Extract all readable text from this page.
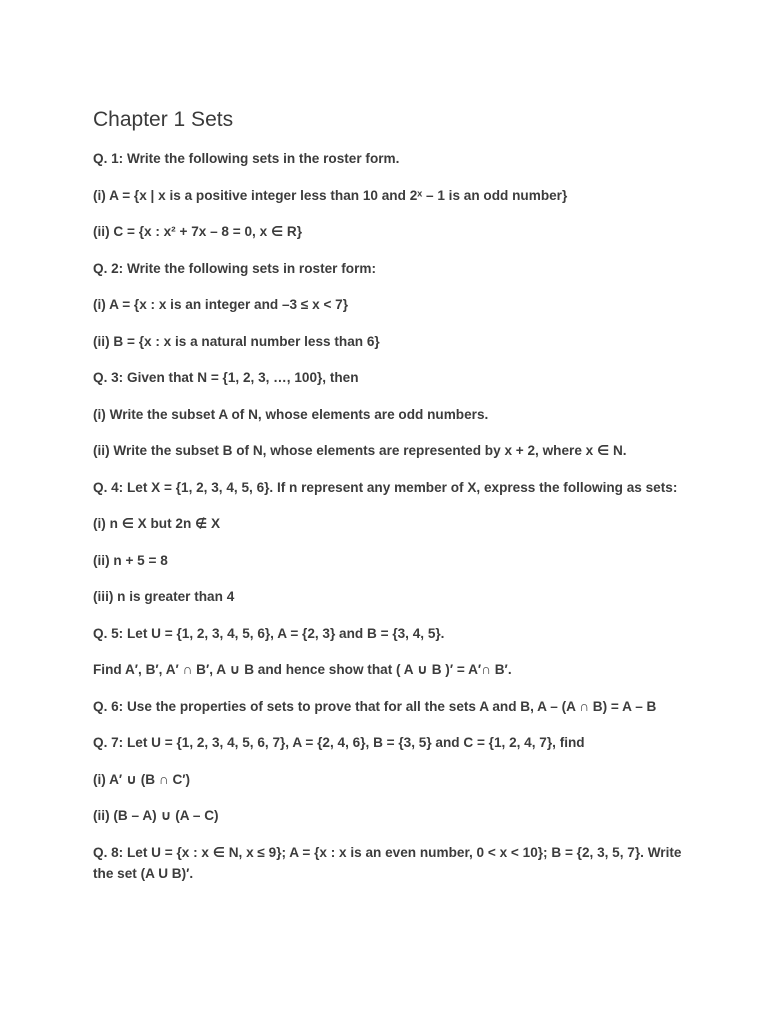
Chapter 1 Sets
Q. 1: Write the following sets in the roster form.
(i) A = {x | x is a positive integer less than 10 and 2ˣ – 1 is an odd number}
(ii) C = {x : x² + 7x – 8 = 0, x ∈ R}
Q. 2: Write the following sets in roster form:
(i) A = {x : x is an integer and –3 ≤ x < 7}
(ii) B = {x : x is a natural number less than 6}
Q. 3: Given that N = {1, 2, 3, …, 100}, then
(i) Write the subset A of N, whose elements are odd numbers.
(ii) Write the subset B of N, whose elements are represented by x + 2, where x ∈ N.
Q. 4: Let X = {1, 2, 3, 4, 5, 6}. If n represent any member of X, express the following as sets:
(i) n ∈ X but 2n ∉ X
(ii) n + 5 = 8
(iii) n is greater than 4
Q. 5: Let U = {1, 2, 3, 4, 5, 6}, A = {2, 3} and B = {3, 4, 5}.
Find A′, B′, A′ ∩ B′, A ∪ B and hence show that ( A ∪ B )′ = A′∩ B′.
Q. 6: Use the properties of sets to prove that for all the sets A and B, A – (A ∩ B) = A – B
Q. 7: Let U = {1, 2, 3, 4, 5, 6, 7}, A = {2, 4, 6}, B = {3, 5} and C = {1, 2, 4, 7}, find
(i) A′ ∪ (B ∩ C′)
(ii) (B – A) ∪ (A – C)
Q. 8: Let U = {x : x ∈ N, x ≤ 9}; A = {x : x is an even number, 0 < x < 10}; B = {2, 3, 5, 7}. Write the set (A U B)′.
